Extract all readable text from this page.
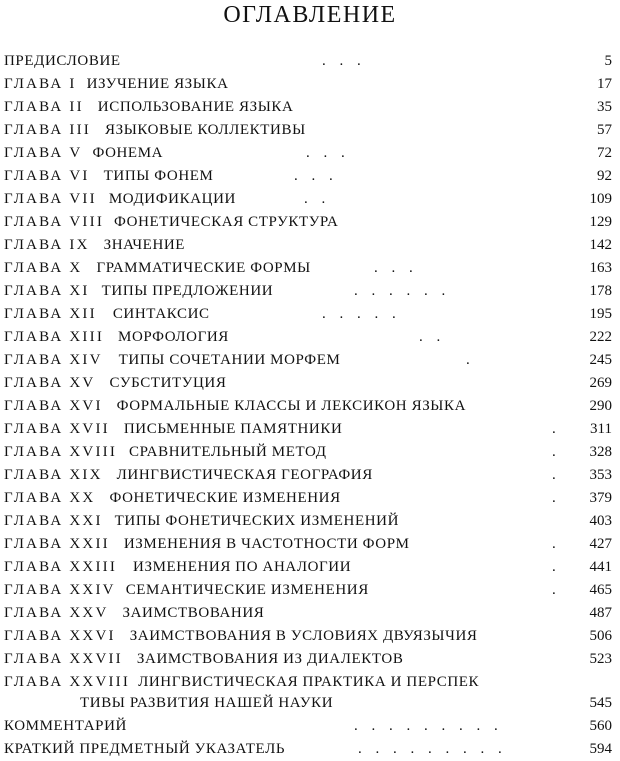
ОГЛАВЛЕНИЕ
ПРЕДИСЛОВИЕ	. . .	5
ГЛАВА I ИЗУЧЕНИЕ ЯЗЫКА	17
ГЛАВА II ИСПОЛЬЗОВАНИЕ ЯЗЫКА	35
ГЛАВА III ЯЗЫКОВЫЕ КОЛЛЕКТИВЫ	57
ГЛАВА V ФОНЕМА	. . .	72
ГЛАВА VI ТИПЫ ФОНЕМ	. . .	92
ГЛАВА VII МОДИФИКАЦИИ	. .	109
ГЛАВА VIII ФОНЕТИЧЕСКАЯ СТРУКТУРА	129
ГЛАВА IX ЗНАЧЕНИЕ	142
ГЛАВА X ГРАММАТИЧЕСКИЕ ФОРМЫ	. . .	163
ГЛАВА XI ТИПЫ ПРЕДЛОЖЕНИИ	. . . . . .	178
ГЛАВА XII СИНТАКСИС	. . . . .	195
ГЛАВА XIII МОРФОЛОГИЯ	. .	222
ГЛАВА XIV ТИПЫ СОЧЕТАНИИ МОРФЕМ	.	245
ГЛАВА XV СУБСТИТУЦИЯ	269
ГЛАВА XVI ФОРМАЛЬНЫЕ КЛАССЫ И ЛЕКСИКОН ЯЗЫКА	290
ГЛАВА XVII ПИСЬМЕННЫЕ ПАМЯТНИКИ	. 311
ГЛАВА XVIII СРАВНИТЕЛЬНЫЙ МЕТОД	. 328
ГЛАВА XIX ЛИНГВИСТИЧЕСКАЯ ГЕОГРАФИЯ	. 353
ГЛАВА XX ФОНЕТИЧЕСКИЕ ИЗМЕНЕНИЯ	. 379
ГЛАВА XXI ТИПЫ ФОНЕТИЧЕСКИХ ИЗМЕНЕНИЙ	403
ГЛАВА XXII ИЗМЕНЕНИЯ В ЧАСТОТНОСТИ ФОРМ	. 427
ГЛАВА XXIII ИЗМЕНЕНИЯ ПО АНАЛОГИИ	. 441
ГЛАВА XXIV СЕМАНТИЧЕСКИЕ ИЗМЕНЕНИЯ	. 465
ГЛАВА XXV ЗАИМСТВОВАНИЯ	487
ГЛАВА XXVI ЗАИМСТВОВАНИЯ В УСЛОВИЯХ ДВУЯЗЫЧИЯ	506
ГЛАВА XXVII ЗАИМСТВОВАНИЯ ИЗ ДИАЛЕКТОВ	523
ГЛАВА XXVIII ЛИНГВИСТИЧЕСКАЯ ПРАКТИКА И ПЕРСПЕК
ТИВЫ РАЗВИТИЯ НАШЕЙ НАУКИ	545
КОММЕНТАРИЙ	. . . . . . . . .	560
КРАТКИЙ ПРЕДМЕТНЫЙ УКАЗАТЕЛЬ	. . . . . . . . .	594
